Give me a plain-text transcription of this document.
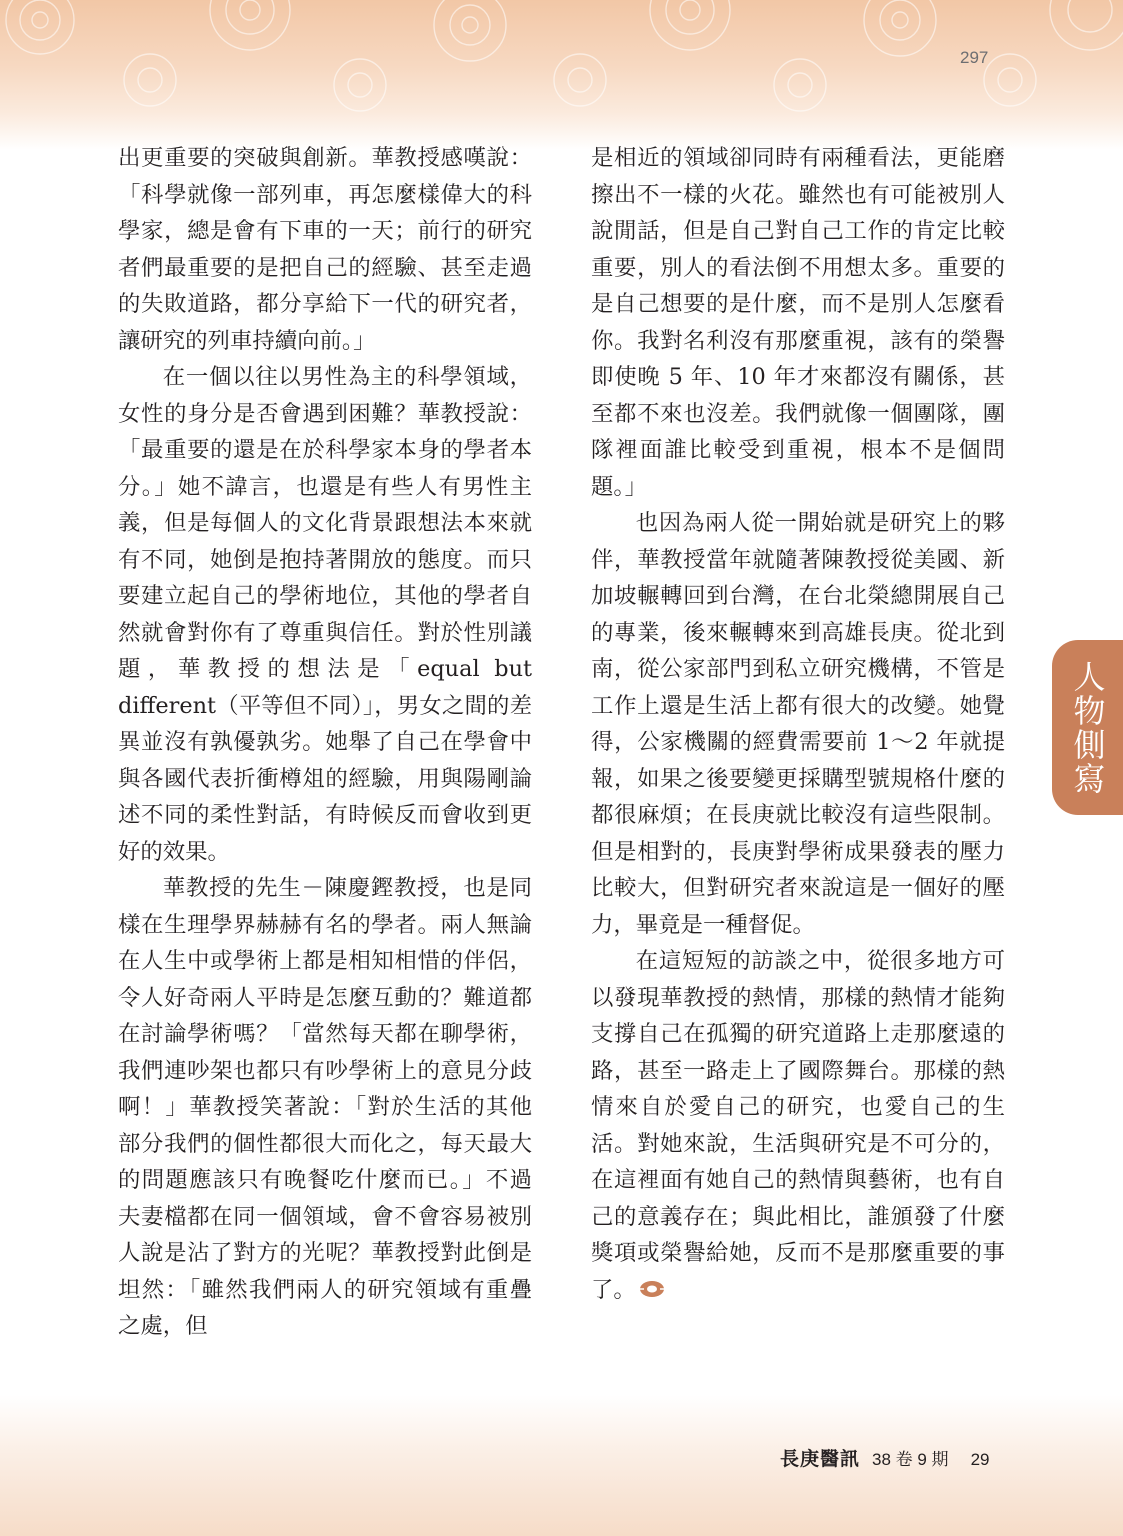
297

出更重要的突破與創新。華教授感嘆說：「科學就像一部列車，再怎麼樣偉大的科學家，總是會有下車的一天；前行的研究者們最重要的是把自己的經驗、甚至走過的失敗道路，都分享給下一代的研究者，讓研究的列車持續向前。」

在一個以往以男性為主的科學領域，女性的身分是否會遇到困難？華教授說：「最重要的還是在於科學家本身的學者本分。」她不諱言，也還是有些人有男性主義，但是每個人的文化背景跟想法本來就有不同，她倒是抱持著開放的態度。而只要建立起自己的學術地位，其他的學者自然就會對你有了尊重與信任。對於性別議題，華教授的想法是「equal but different（平等但不同）」，男女之間的差異並沒有孰優孰劣。她舉了自己在學會中與各國代表折衝樽俎的經驗，用與陽剛論述不同的柔性對話，有時候反而會收到更好的效果。

華教授的先生－陳慶鏗教授，也是同樣在生理學界赫赫有名的學者。兩人無論在人生中或學術上都是相知相惜的伴侶，令人好奇兩人平時是怎麼互動的？難道都在討論學術嗎？「當然每天都在聊學術，我們連吵架也都只有吵學術上的意見分歧啊！」華教授笑著說：「對於生活的其他部分我們的個性都很大而化之，每天最大的問題應該只有晚餐吃什麼而已。」不過夫妻檔都在同一個領域，會不會容易被別人說是沾了對方的光呢？華教授對此倒是坦然：「雖然我們兩人的研究領域有重疊之處，但

是相近的領域卻同時有兩種看法，更能磨擦出不一樣的火花。雖然也有可能被別人說閒話，但是自己對自己工作的肯定比較重要，別人的看法倒不用想太多。重要的是自己想要的是什麼，而不是別人怎麼看你。我對名利沒有那麼重視，該有的榮譽即使晚 5 年、10 年才來都沒有關係，甚至都不來也沒差。我們就像一個團隊，團隊裡面誰比較受到重視，根本不是個問題。」

也因為兩人從一開始就是研究上的夥伴，華教授當年就隨著陳教授從美國、新加坡輾轉回到台灣，在台北榮總開展自己的專業，後來輾轉來到高雄長庚。從北到南，從公家部門到私立研究機構，不管是工作上還是生活上都有很大的改變。她覺得，公家機關的經費需要前 1～2 年就提報，如果之後要變更採購型號規格什麼的都很麻煩；在長庚就比較沒有這些限制。但是相對的，長庚對學術成果發表的壓力比較大，但對研究者來說這是一個好的壓力，畢竟是一種督促。

在這短短的訪談之中，從很多地方可以發現華教授的熱情，那樣的熱情才能夠支撐自己在孤獨的研究道路上走那麼遠的路，甚至一路走上了國際舞台。那樣的熱情來自於愛自己的研究，也愛自己的生活。對她來說，生活與研究是不可分的，在這裡面有她自己的熱情與藝術，也有自己的意義存在；與此相比，誰頒發了什麼獎項或榮譽給她，反而不是那麼重要的事了。

人物側寫
長庚醫訊 38 卷 9 期 29
